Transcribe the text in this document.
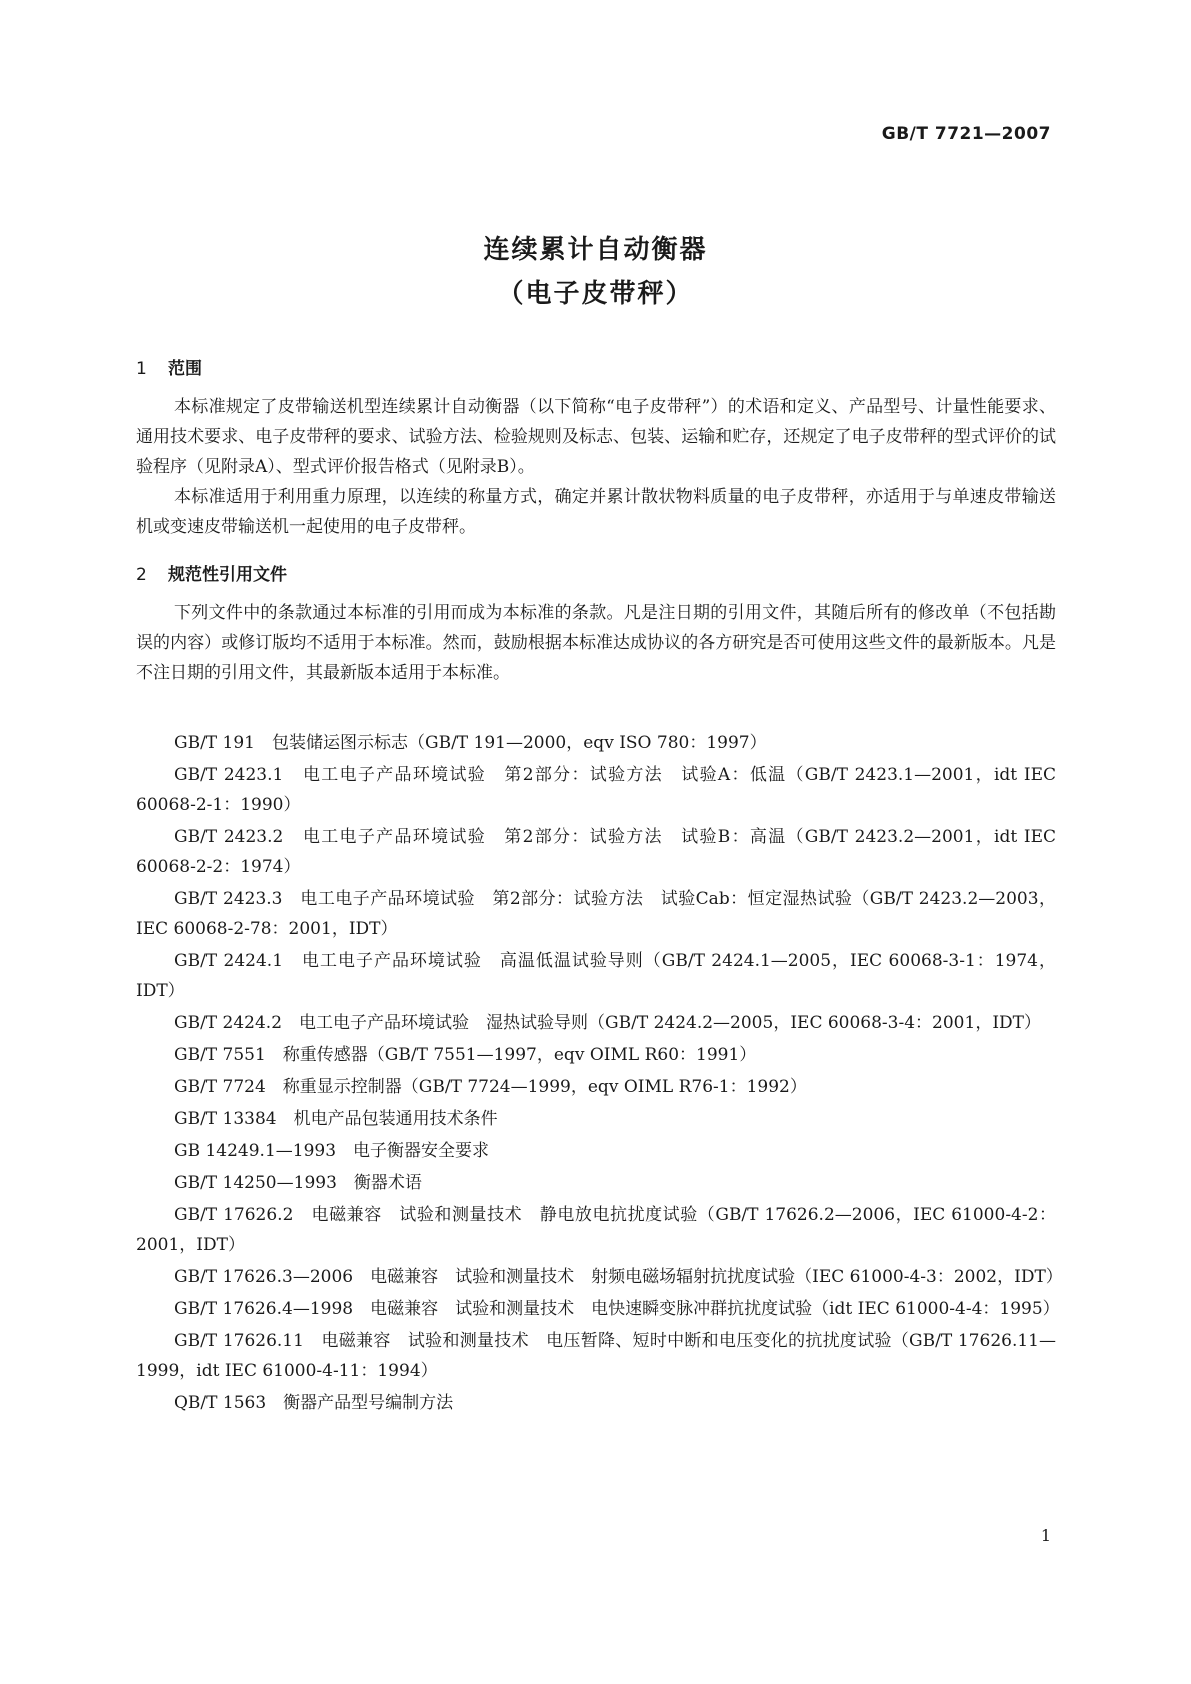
GB/T 7721—2007
连续累计自动衡器
（电子皮带秤）
1 范围
本标准规定了皮带输送机型连续累计自动衡器（以下简称“电子皮带秤”）的术语和定义、产品型号、计量性能要求、通用技术要求、电子皮带秤的要求、试验方法、检验规则及标志、包装、运输和贮存，还规定了电子皮带秤的型式评价的试验程序（见附录A）、型式评价报告格式（见附录B）。
本标准适用于利用重力原理，以连续的称量方式，确定并累计散状物料质量的电子皮带秤，亦适用于与单速皮带输送机或变速皮带输送机一起使用的电子皮带秤。
2 规范性引用文件
下列文件中的条款通过本标准的引用而成为本标准的条款。凡是注日期的引用文件，其随后所有的修改单（不包括勘误的内容）或修订版均不适用于本标准。然而，鼓励根据本标准达成协议的各方研究是否可使用这些文件的最新版本。凡是不注日期的引用文件，其最新版本适用于本标准。
GB/T 191　包装储运图示标志（GB/T 191—2000，eqv ISO 780：1997）
GB/T 2423.1　电工电子产品环境试验　第2部分：试验方法　试验A：低温（GB/T 2423.1—2001，idt IEC 60068-2-1：1990）
GB/T 2423.2　电工电子产品环境试验　第2部分：试验方法　试验B：高温（GB/T 2423.2—2001，idt IEC 60068-2-2：1974）
GB/T 2423.3　电工电子产品环境试验　第2部分：试验方法　试验Cab：恒定湿热试验（GB/T 2423.2—2003，IEC 60068-2-78：2001，IDT）
GB/T 2424.1　电工电子产品环境试验　高温低温试验导则（GB/T 2424.1—2005，IEC 60068-3-1：1974，IDT）
GB/T 2424.2　电工电子产品环境试验　湿热试验导则（GB/T 2424.2—2005，IEC 60068-3-4：2001，IDT）
GB/T 7551　称重传感器（GB/T 7551—1997，eqv OIML R60：1991）
GB/T 7724　称重显示控制器（GB/T 7724—1999，eqv OIML R76-1：1992）
GB/T 13384　机电产品包装通用技术条件
GB 14249.1—1993　电子衡器安全要求
GB/T 14250—1993　衡器术语
GB/T 17626.2　电磁兼容　试验和测量技术　静电放电抗扰度试验（GB/T 17626.2—2006，IEC 61000-4-2：2001，IDT）
GB/T 17626.3—2006　电磁兼容　试验和测量技术　射频电磁场辐射抗扰度试验（IEC 61000-4-3：2002，IDT）
GB/T 17626.4—1998　电磁兼容　试验和测量技术　电快速瞬变脉冲群抗扰度试验（idt IEC 61000-4-4：1995）
GB/T 17626.11　电磁兼容　试验和测量技术　电压暂降、短时中断和电压变化的抗扰度试验（GB/T 17626.11—1999，idt IEC 61000-4-11：1994）
QB/T 1563　衡器产品型号编制方法
1
